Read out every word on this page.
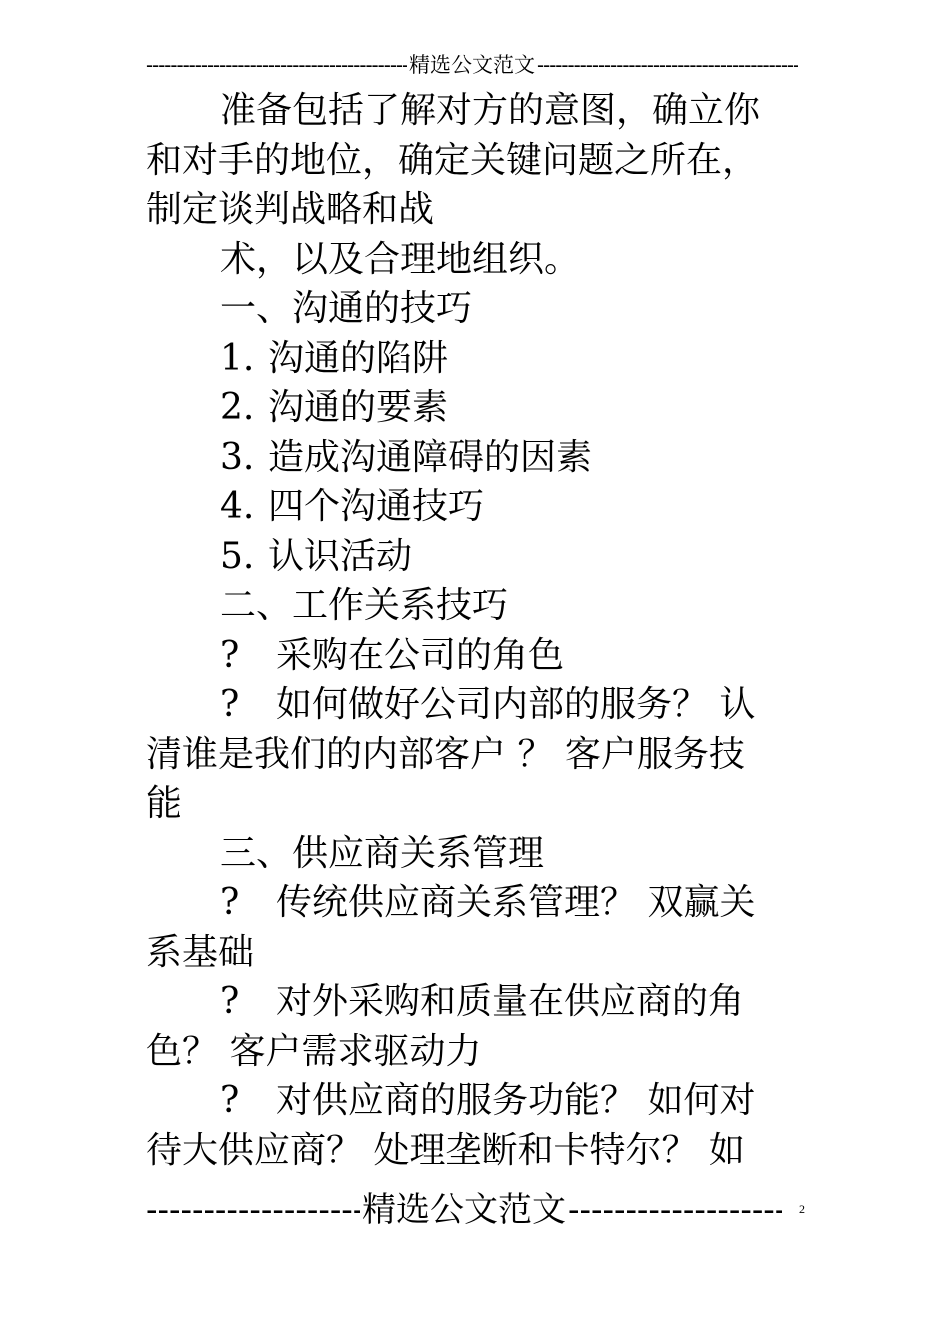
-----
精选公文范文
-----

准备包括了解对方的意图，确立你

和对手的地位，确定关键问题之所在，

制定谈判战略和战

术，以及合理地组织。

一、沟通的技巧

1. 沟通的陷阱

2. 沟通的要素

3. 造成沟通障碍的因素

4. 四个沟通技巧

5. 认识活动

二、工作关系技巧

? 采购在公司的角色

? 如何做好公司内部的服务？ 认

清谁是我们的内部客户 ？ 客户服务技

能

三、供应商关系管理

? 传统供应商关系管理？ 双赢关

系基础

? 对外采购和质量在供应商的角

色？ 客户需求驱动力

? 对供应商的服务功能？ 如何对

待大供应商？ 处理垄断和卡特尔？ 如

-----
精选公文范文
-----	2
